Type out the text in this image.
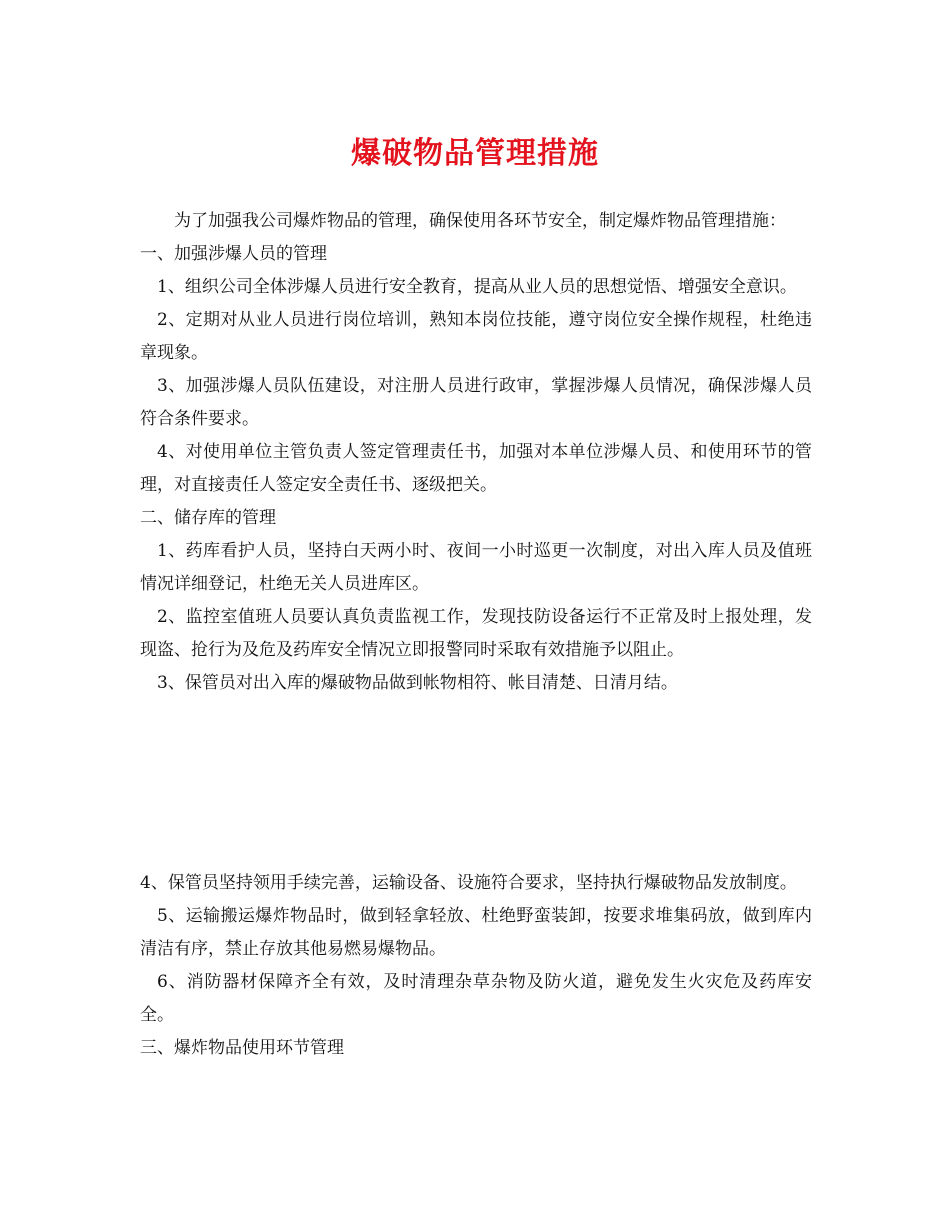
爆破物品管理措施

为了加强我公司爆炸物品的管理，确保使用各环节安全，制定爆炸物品管理措施：

一、加强涉爆人员的管理

1、组织公司全体涉爆人员进行安全教育，提高从业人员的思想觉悟、增强安全意识。

2、定期对从业人员进行岗位培训，熟知本岗位技能，遵守岗位安全操作规程，杜绝违章现象。

3、加强涉爆人员队伍建设，对注册人员进行政审，掌握涉爆人员情况，确保涉爆人员符合条件要求。

4、对使用单位主管负责人签定管理责任书，加强对本单位涉爆人员、和使用环节的管理，对直接责任人签定安全责任书、逐级把关。

二、储存库的管理

1、药库看护人员，坚持白天两小时、夜间一小时巡更一次制度，对出入库人员及值班情况详细登记，杜绝无关人员进库区。

2、监控室值班人员要认真负责监视工作，发现技防设备运行不正常及时上报处理，发现盗、抢行为及危及药库安全情况立即报警同时采取有效措施予以阻止。

3、保管员对出入库的爆破物品做到帐物相符、帐目清楚、日清月结。

4、保管员坚持领用手续完善，运输设备、设施符合要求，坚持执行爆破物品发放制度。

5、运输搬运爆炸物品时，做到轻拿轻放、杜绝野蛮装卸，按要求堆集码放，做到库内清洁有序，禁止存放其他易燃易爆物品。

6、消防器材保障齐全有效，及时清理杂草杂物及防火道，避免发生火灾危及药库安全。

三、爆炸物品使用环节管理
